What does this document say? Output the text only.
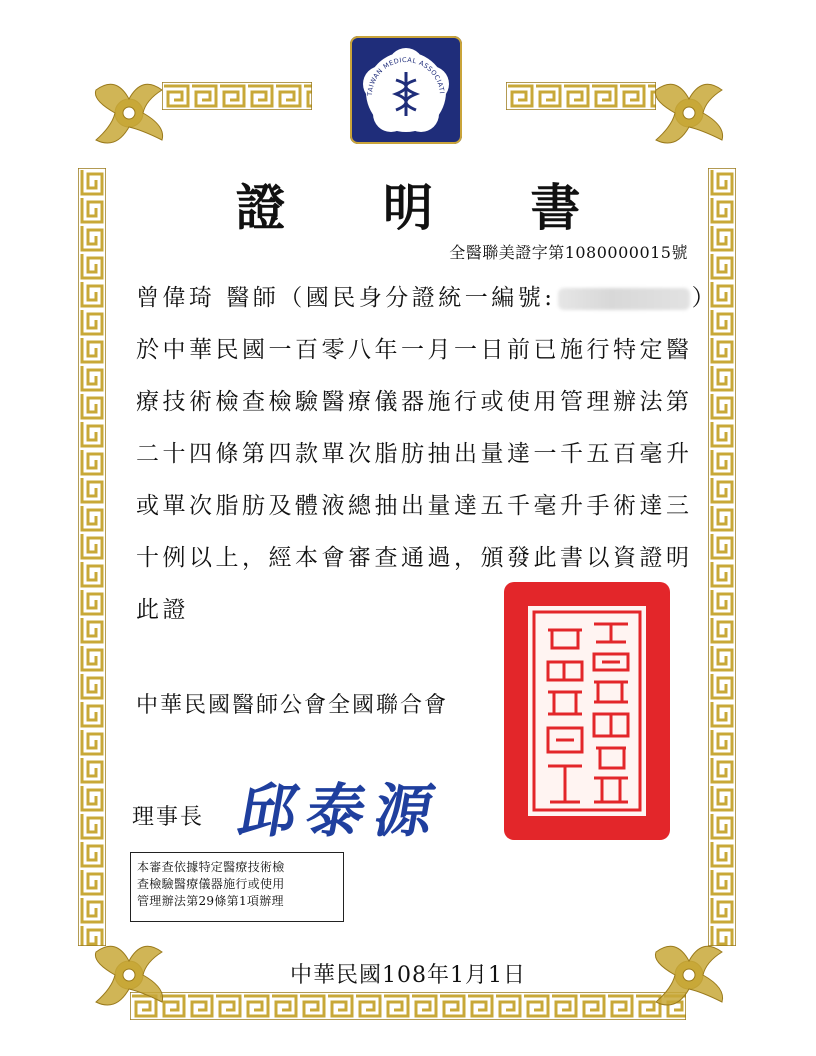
TAIWAN MEDICAL ASSOCIATI
證 明 書
全醫聯美證字第1080000015號
曾偉琦 醫師（國民身分證統一編號:	）
於中華民國一百零八年一月一日前已施行特定醫
療技術檢查檢驗醫療儀器施行或使用管理辦法第
二十四條第四款單次脂肪抽出量達一千五百毫升
或單次脂肪及體液總抽出量達五千毫升手術達三
十例以上，經本會審查通過，頒發此書以資證明
此證
中華民國醫師公會全國聯合會
理事長 邱泰源
本審查依據特定醫療技術檢
查檢驗醫療儀器施行或使用
管理辦法第29條第1項辦理
中華民國108年1月1日
